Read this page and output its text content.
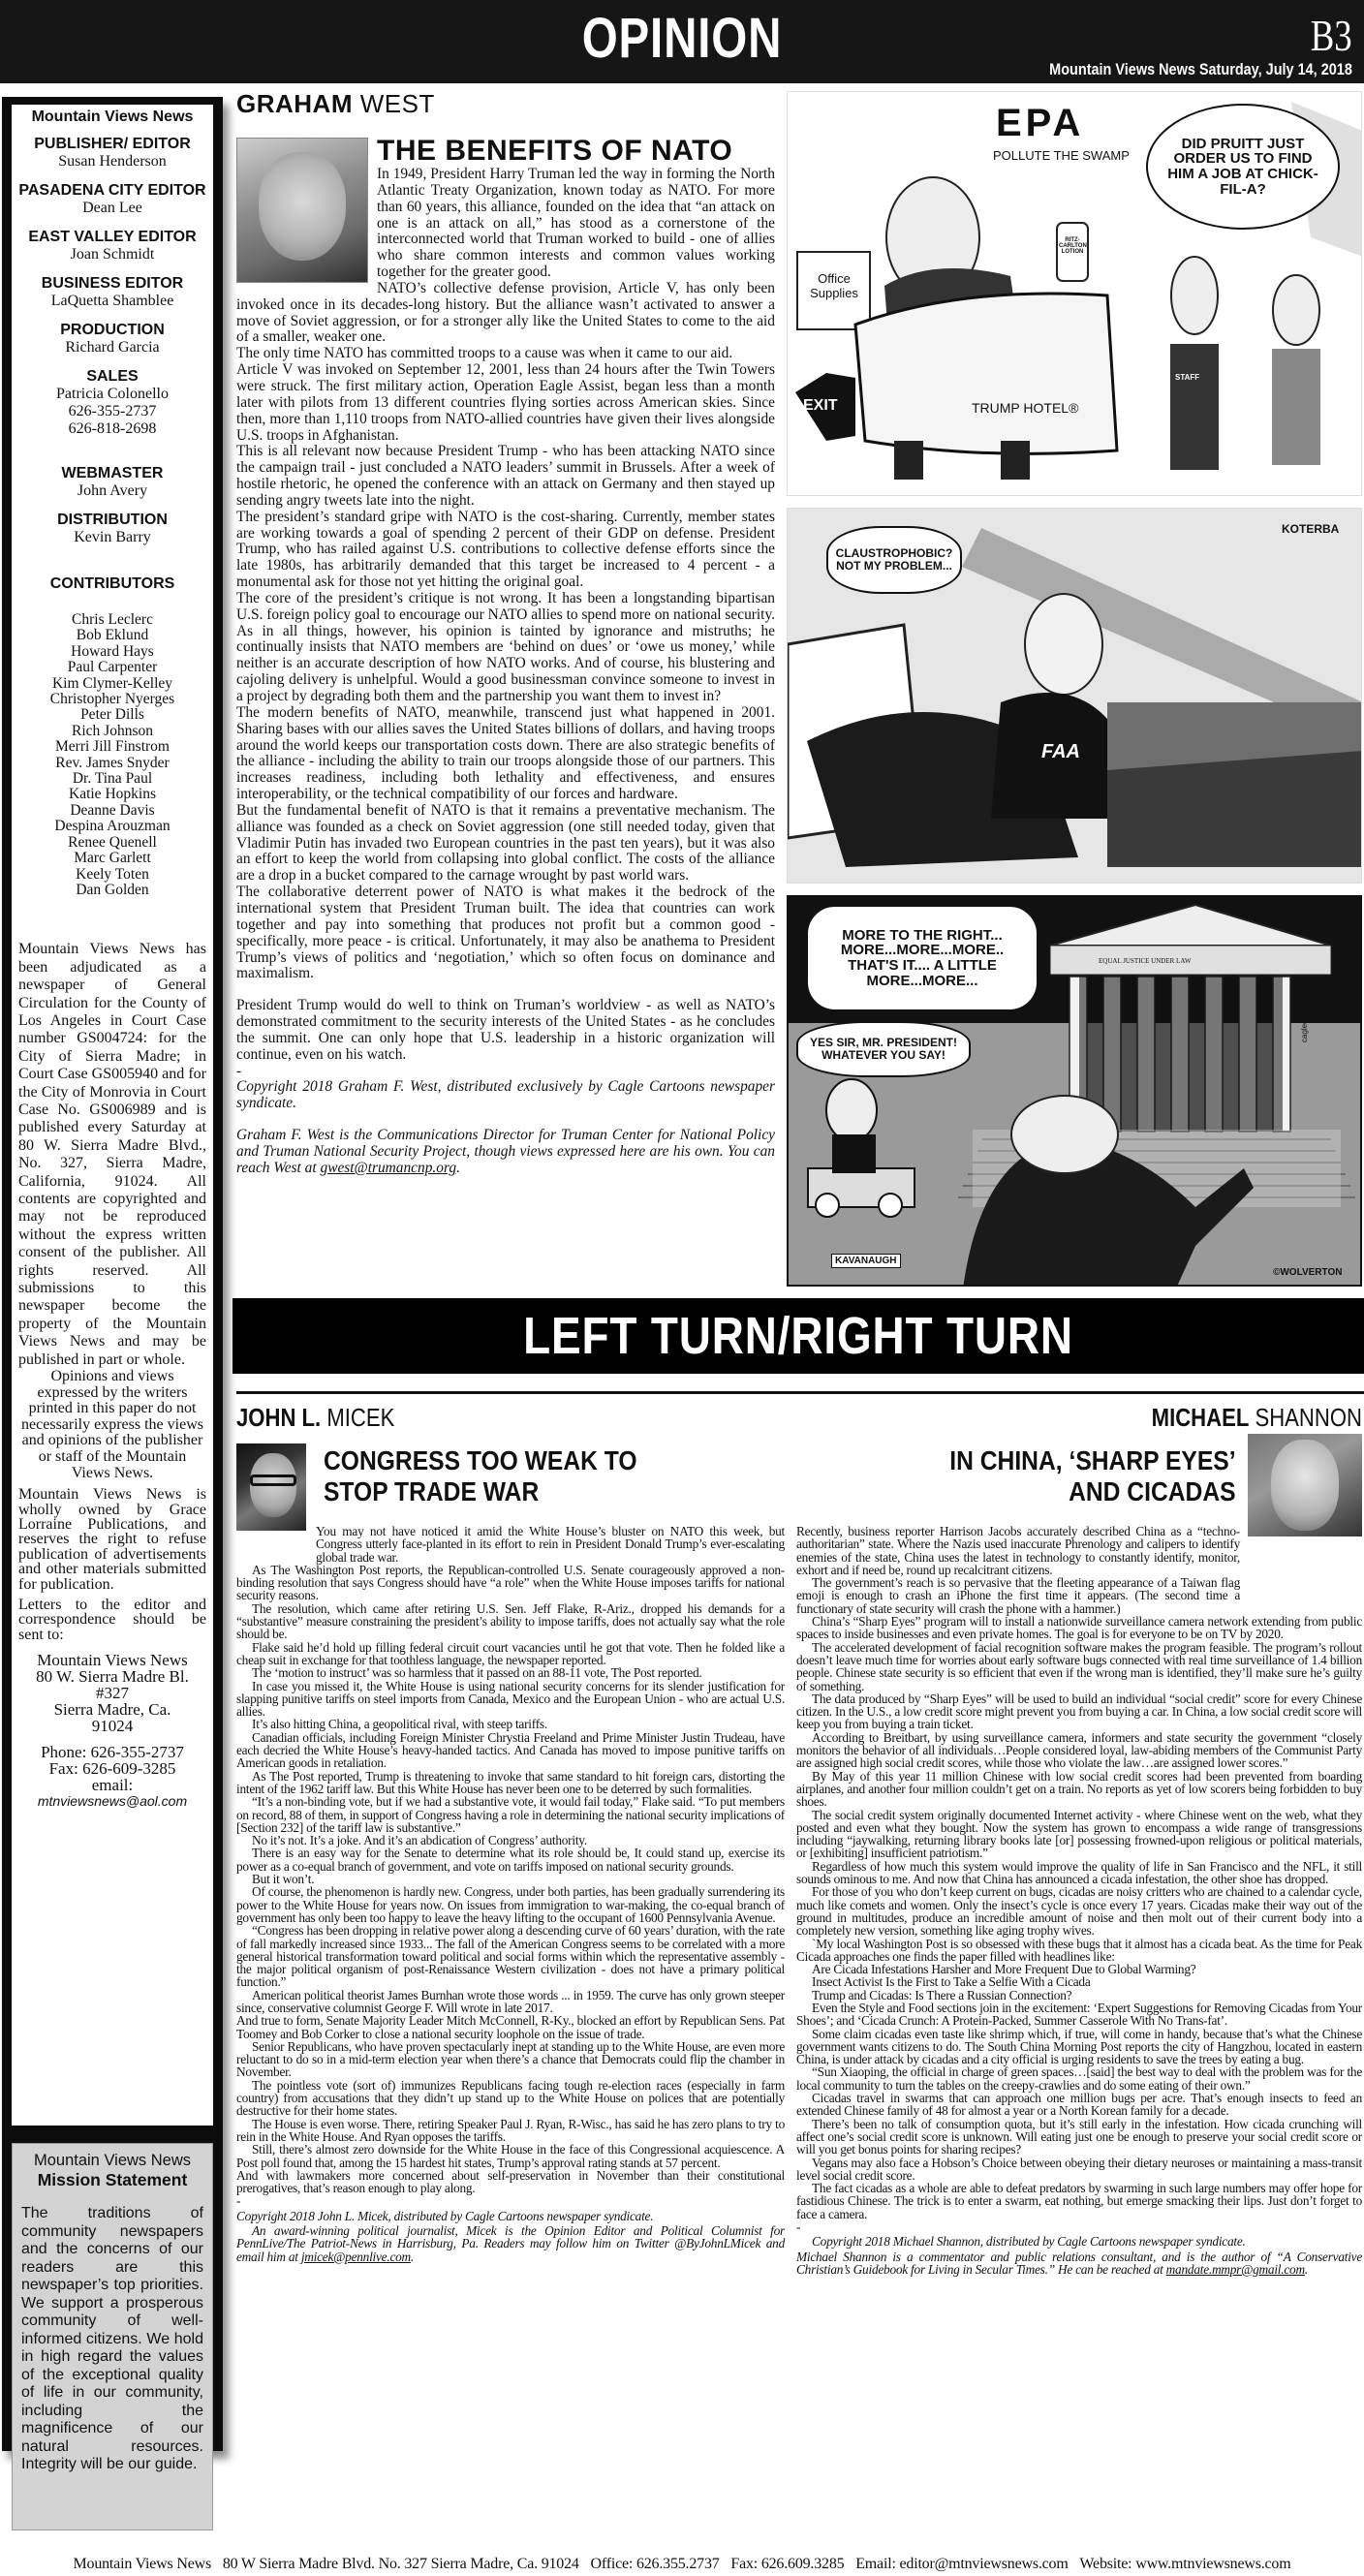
OPINION	B3
Mountain Views News Saturday, July 14, 2018
Mountain Views News
PUBLISHER/ EDITOR
Susan Henderson
PASADENA CITY EDITOR
Dean Lee
EAST VALLEY EDITOR
Joan Schmidt
BUSINESS EDITOR
LaQuetta Shamblee
PRODUCTION
Richard Garcia
SALES
Patricia Colonello
626-355-2737
626-818-2698
WEBMASTER
John Avery
DISTRIBUTION
Kevin Barry
CONTRIBUTORS
Chris Leclerc
Bob Eklund
Howard Hays
Paul Carpenter
Kim Clymer-Kelley
Christopher Nyerges
Peter Dills
Rich Johnson
Merri Jill Finstrom
Rev. James Snyder
Dr. Tina Paul
Katie Hopkins
Deanne Davis
Despina Arouzman
Renee Quenell
Marc Garlett
Keely Toten
Dan Golden

Mountain Views News has been adjudicated as a newspaper of General Circulation for the County of Los Angeles in Court Case number GS004724: for the City of Sierra Madre; in Court Case GS005940 and for the City of Monrovia in Court Case No. GS006989 and is published every Saturday at 80 W. Sierra Madre Blvd., No. 327, Sierra Madre, California, 91024. All contents are copyrighted and may not be reproduced without the express written consent of the publisher. All rights reserved. All submissions to this newspaper become the property of the Mountain Views News and may be published in part or whole.

Opinions and views expressed by the writers printed in this paper do not necessarily express the views and opinions of the publisher or staff of the Mountain Views News.

Mountain Views News is wholly owned by Grace Lorraine Publications, and reserves the right to refuse publication of advertisements and other materials submitted for publication.

Letters to the editor and correspondence should be sent to:

Mountain Views News
80 W. Sierra Madre Bl.
#327
Sierra Madre, Ca.
91024
Phone: 626-355-2737
Fax: 626-609-3285
email:
mtnviewsnews@aol.com
Mountain Views News
Mission Statement

The traditions of community newspapers and the concerns of our readers are this newspaper’s top priorities. We support a prosperous community of well-informed citizens. We hold in high regard the values of the exceptional quality of life in our community, including the magnificence of our natural resources. Integrity will be our guide.

GRAHAM WEST
THE BENEFITS OF NATO

In 1949, President Harry Truman led the way in forming the North Atlantic Treaty Organization, known today as NATO. For more than 60 years, this alliance, founded on the idea that “an attack on one is an attack on all,” has stood as a cornerstone of the interconnected world that Truman worked to build - one of allies who share common interests and common values working together for the greater good.

NATO’s collective defense provision, Article V, has only been invoked once in its decades-long history. But the alliance wasn’t activated to answer a move of Soviet aggression, or for a stronger ally like the United States to come to the aid of a smaller, weaker one.

The only time NATO has committed troops to a cause was when it came to our aid.

Article V was invoked on September 12, 2001, less than 24 hours after the Twin Towers were struck. The first military action, Operation Eagle Assist, began less than a month later with pilots from 13 different countries flying sorties across American skies. Since then, more than 1,110 troops from NATO-allied countries have given their lives alongside U.S. troops in Afghanistan.

This is all relevant now because President Trump - who has been attacking NATO since the campaign trail - just concluded a NATO leaders’ summit in Brussels. After a week of hostile rhetoric, he opened the conference with an attack on Germany and then stayed up sending angry tweets late into the night.

The president’s standard gripe with NATO is the cost-sharing. Currently, member states are working towards a goal of spending 2 percent of their GDP on defense. President Trump, who has railed against U.S. contributions to collective defense efforts since the late 1980s, has arbitrarily demanded that this target be increased to 4 percent - a monumental ask for those not yet hitting the original goal.

The core of the president’s critique is not wrong. It has been a longstanding bipartisan U.S. foreign policy goal to encourage our NATO allies to spend more on national security. As in all things, however, his opinion is tainted by ignorance and mistruths; he continually insists that NATO members are ‘behind on dues’ or ‘owe us money,’ while neither is an accurate description of how NATO works. And of course, his blustering and cajoling delivery is unhelpful. Would a good businessman convince someone to invest in a project by degrading both them and the partnership you want them to invest in?

The modern benefits of NATO, meanwhile, transcend just what happened in 2001. Sharing bases with our allies saves the United States billions of dollars, and having troops around the world keeps our transportation costs down. There are also strategic benefits of the alliance - including the ability to train our troops alongside those of our partners. This increases readiness, including both lethality and effectiveness, and ensures interoperability, or the technical compatibility of our forces and hardware.

But the fundamental benefit of NATO is that it remains a preventative mechanism. The alliance was founded as a check on Soviet aggression (one still needed today, given that Vladimir Putin has invaded two European countries in the past ten years), but it was also an effort to keep the world from collapsing into global conflict. The costs of the alliance are a drop in a bucket compared to the carnage wrought by past world wars.

The collaborative deterrent power of NATO is what makes it the bedrock of the international system that President Truman built. The idea that countries can work together and pay into something that produces not profit but a common good - specifically, more peace - is critical. Unfortunately, it may also be anathema to President Trump’s views of politics and ‘negotiation,’ which so often focus on dominance and maximalism.

President Trump would do well to think on Truman’s worldview - as well as NATO’s demonstrated commitment to the security interests of the United States - as he concludes the summit. One can only hope that U.S. leadership in a historic organization will continue, even on his watch.

-

Copyright 2018 Graham F. West, distributed exclusively by Cagle Cartoons newspaper syndicate.

Graham F. West is the Communications Director for Truman Center for National Policy and Truman National Security Project, though views expressed here are his own. You can reach West at gwest@trumancnp.org.

EPA
POLLUTE THE SWAMP
DID PRUITT JUST ORDER US TO FIND HIM A JOB AT CHICK-FIL-A?
Office Supplies
RITZ-CARLTON LOTION
EXIT	TRUMP HOTEL®
STAFF
CLAUSTROPHOBIC? NOT MY PROBLEM...
FAA
KOTERBA
MORE TO THE RIGHT... MORE...MORE...MORE.. THAT'S IT.... A LITTLE MORE...MORE...
YES SIR, MR. PRESIDENT! WHATEVER YOU SAY!
EQUAL JUSTICE UNDER LAW
KAVANAUGH
©WOLVERTON
caglecartoons.com
LEFT TURN/RIGHT TURN
JOHN L. MICEK
CONGRESS TOO WEAK TO
STOP TRADE WAR

You may not have noticed it amid the White House’s bluster on NATO this week, but Congress utterly face-planted in its effort to rein in President Donald Trump’s ever-escalating global trade war.

As The Washington Post reports, the Republican-controlled U.S. Senate courageously approved a non-binding resolution that says Congress should have “a role” when the White House imposes tariffs for national security reasons.

The resolution, which came after retiring U.S. Sen. Jeff Flake, R-Ariz., dropped his demands for a “substantive” measure constraining the president’s ability to impose tariffs, does not actually say what the role should be.

Flake said he’d hold up filling federal circuit court vacancies until he got that vote. Then he folded like a cheap suit in exchange for that toothless language, the newspaper reported.

The ‘motion to instruct’ was so harmless that it passed on an 88-11 vote, The Post reported.

In case you missed it, the White House is using national security concerns for its slender justification for slapping punitive tariffs on steel imports from Canada, Mexico and the European Union - who are actual U.S. allies.

It’s also hitting China, a geopolitical rival, with steep tariffs.

Canadian officials, including Foreign Minister Chrystia Freeland and Prime Minister Justin Trudeau, have each decried the White House’s heavy-handed tactics. And Canada has moved to impose punitive tariffs on American goods in retaliation.

As The Post reported, Trump is threatening to invoke that same standard to hit foreign cars, distorting the intent of the 1962 tariff law. But this White House has never been one to be deterred by such formalities.

“It’s a non-binding vote, but if we had a substantive vote, it would fail today,” Flake said. “To put members on record, 88 of them, in support of Congress having a role in determining the national security implications of [Section 232] of the tariff law is substantive.”

No it’s not. It’s a joke. And it’s an abdication of Congress’ authority.

There is an easy way for the Senate to determine what its role should be, It could stand up, exercise its power as a co-equal branch of government, and vote on tariffs imposed on national security grounds.

But it won’t.

Of course, the phenomenon is hardly new. Congress, under both parties, has been gradually surrendering its power to the White House for years now. On issues from immigration to war-making, the co-equal branch of government has only been too happy to leave the heavy lifting to the occupant of 1600 Pennsylvania Avenue.

“Congress has been dropping in relative power along a descending curve of 60 years’ duration, with the rate of fall markedly increased since 1933... The fall of the American Congress seems to be correlated with a more general historical transformation toward political and social forms within which the representative assembly - the major political organism of post-Renaissance Western civilization - does not have a primary political function.”

American political theorist James Burnhan wrote those words ... in 1959. The curve has only grown steeper since, conservative columnist George F. Will wrote in late 2017.

And true to form, Senate Majority Leader Mitch McConnell, R-Ky., blocked an effort by Republican Sens. Pat Toomey and Bob Corker to close a national security loophole on the issue of trade.

Senior Republicans, who have proven spectacularly inept at standing up to the White House, are even more reluctant to do so in a mid-term election year when there’s a chance that Democrats could flip the chamber in November.

The pointless vote (sort of) immunizes Republicans facing tough re-election races (especially in farm country) from accusations that they didn’t up stand up to the White House on polices that are potentially destructive for their home states.

The House is even worse. There, retiring Speaker Paul J. Ryan, R-Wisc., has said he has zero plans to try to rein in the White House. And Ryan opposes the tariffs.

Still, there’s almost zero downside for the White House in the face of this Congressional acquiescence. A Post poll found that, among the 15 hardest hit states, Trump’s approval rating stands at 57 percent.

And with lawmakers more concerned about self-preservation in November than their constitutional prerogatives, that’s reason enough to play along.

-

Copyright 2018 John L. Micek, distributed by Cagle Cartoons newspaper syndicate.

An award-winning political journalist, Micek is the Opinion Editor and Political Columnist for PennLive/The Patriot-News in Harrisburg, Pa. Readers may follow him on Twitter @ByJohnLMicek and email him at jmicek@pennlive.com.

MICHAEL SHANNON
IN CHINA, ‘SHARP EYES’
AND CICADAS

Recently, business reporter Harrison Jacobs accurately described China as a “techno-authoritarian” state. Where the Nazis used inaccurate Phrenology and calipers to identify enemies of the state, China uses the latest in technology to constantly identify, monitor, exhort and if need be, round up recalcitrant citizens.

The government’s reach is so pervasive that the fleeting appearance of a Taiwan flag emoji is enough to crash an iPhone the first time it appears. (The second time a functionary of state security will crash the phone with a hammer.)

China’s “Sharp Eyes” program will to install a nationwide surveillance camera network extending from public spaces to inside businesses and even private homes. The goal is for everyone to be on TV by 2020.

The accelerated development of facial recognition software makes the program feasible. The program’s rollout doesn’t leave much time for worries about early software bugs connected with real time surveillance of 1.4 billion people. Chinese state security is so efficient that even if the wrong man is identified, they’ll make sure he’s guilty of something.

The data produced by “Sharp Eyes” will be used to build an individual “social credit” score for every Chinese citizen. In the U.S., a low credit score might prevent you from buying a car. In China, a low social credit score will keep you from buying a train ticket.

According to Breitbart, by using surveillance camera, informers and state security the government “closely monitors the behavior of all individuals…People considered loyal, law-abiding members of the Communist Party are assigned high social credit scores, while those who violate the law…are assigned lower scores.”

By May of this year 11 million Chinese with low social credit scores had been prevented from boarding airplanes, and another four million couldn’t get on a train. No reports as yet of low scorers being forbidden to buy shoes.

The social credit system originally documented Internet activity - where Chinese went on the web, what they posted and even what they bought. Now the system has grown to encompass a wide range of transgressions including “jaywalking, returning library books late [or] possessing frowned-upon religious or political materials, or [exhibiting] insufficient patriotism.”

Regardless of how much this system would improve the quality of life in San Francisco and the NFL, it still sounds ominous to me. And now that China has announced a cicada infestation, the other shoe has dropped.

For those of you who don’t keep current on bugs, cicadas are noisy critters who are chained to a calendar cycle, much like comets and women. Only the insect’s cycle is once every 17 years. Cicadas make their way out of the ground in multitudes, produce an incredible amount of noise and then molt out of their current body into a completely new version, something like aging trophy wives.

`My local Washington Post is so obsessed with these bugs that it almost has a cicada beat. As the time for Peak Cicada approaches one finds the paper filled with headlines like:

Are Cicada Infestations Harsher and More Frequent Due to Global Warming?

Insect Activist Is the First to Take a Selfie With a Cicada

Trump and Cicadas: Is There a Russian Connection?

Even the Style and Food sections join in the excitement: ‘Expert Suggestions for Removing Cicadas from Your Shoes’; and ‘Cicada Crunch: A Protein-Packed, Summer Casserole With No Trans-fat’.

Some claim cicadas even taste like shrimp which, if true, will come in handy, because that’s what the Chinese government wants citizens to do. The South China Morning Post reports the city of Hangzhou, located in eastern China, is under attack by cicadas and a city official is urging residents to save the trees by eating a bug.

“Sun Xiaoping, the official in charge of green spaces…[said] the best way to deal with the problem was for the local community to turn the tables on the creepy-crawlies and do some eating of their own.”

Cicadas travel in swarms that can approach one million bugs per acre. That’s enough insects to feed an extended Chinese family of 48 for almost a year or a North Korean family for a decade.

There’s been no talk of consumption quota, but it’s still early in the infestation. How cicada crunching will affect one’s social credit score is unknown. Will eating just one be enough to preserve your social credit score or will you get bonus points for sharing recipes?

Vegans may also face a Hobson’s Choice between obeying their dietary neuroses or maintaining a mass-transit level social credit score.

The fact cicadas as a whole are able to defeat predators by swarming in such large numbers may offer hope for fastidious Chinese. The trick is to enter a swarm, eat nothing, but emerge smacking their lips. Just don’t forget to face a camera.

-

Copyright 2018 Michael Shannon, distributed by Cagle Cartoons newspaper syndicate.

Michael Shannon is a commentator and public relations consultant, and is the author of “A Conservative Christian’s Guidebook for Living in Secular Times.” He can be reached at mandate.mmpr@gmail.com.

Mountain Views News 80 W Sierra Madre Blvd. No. 327 Sierra Madre, Ca. 91024 Office: 626.355.2737 Fax: 626.609.3285 Email: editor@mtnviewsnews.com Website: www.mtnviewsnews.com
